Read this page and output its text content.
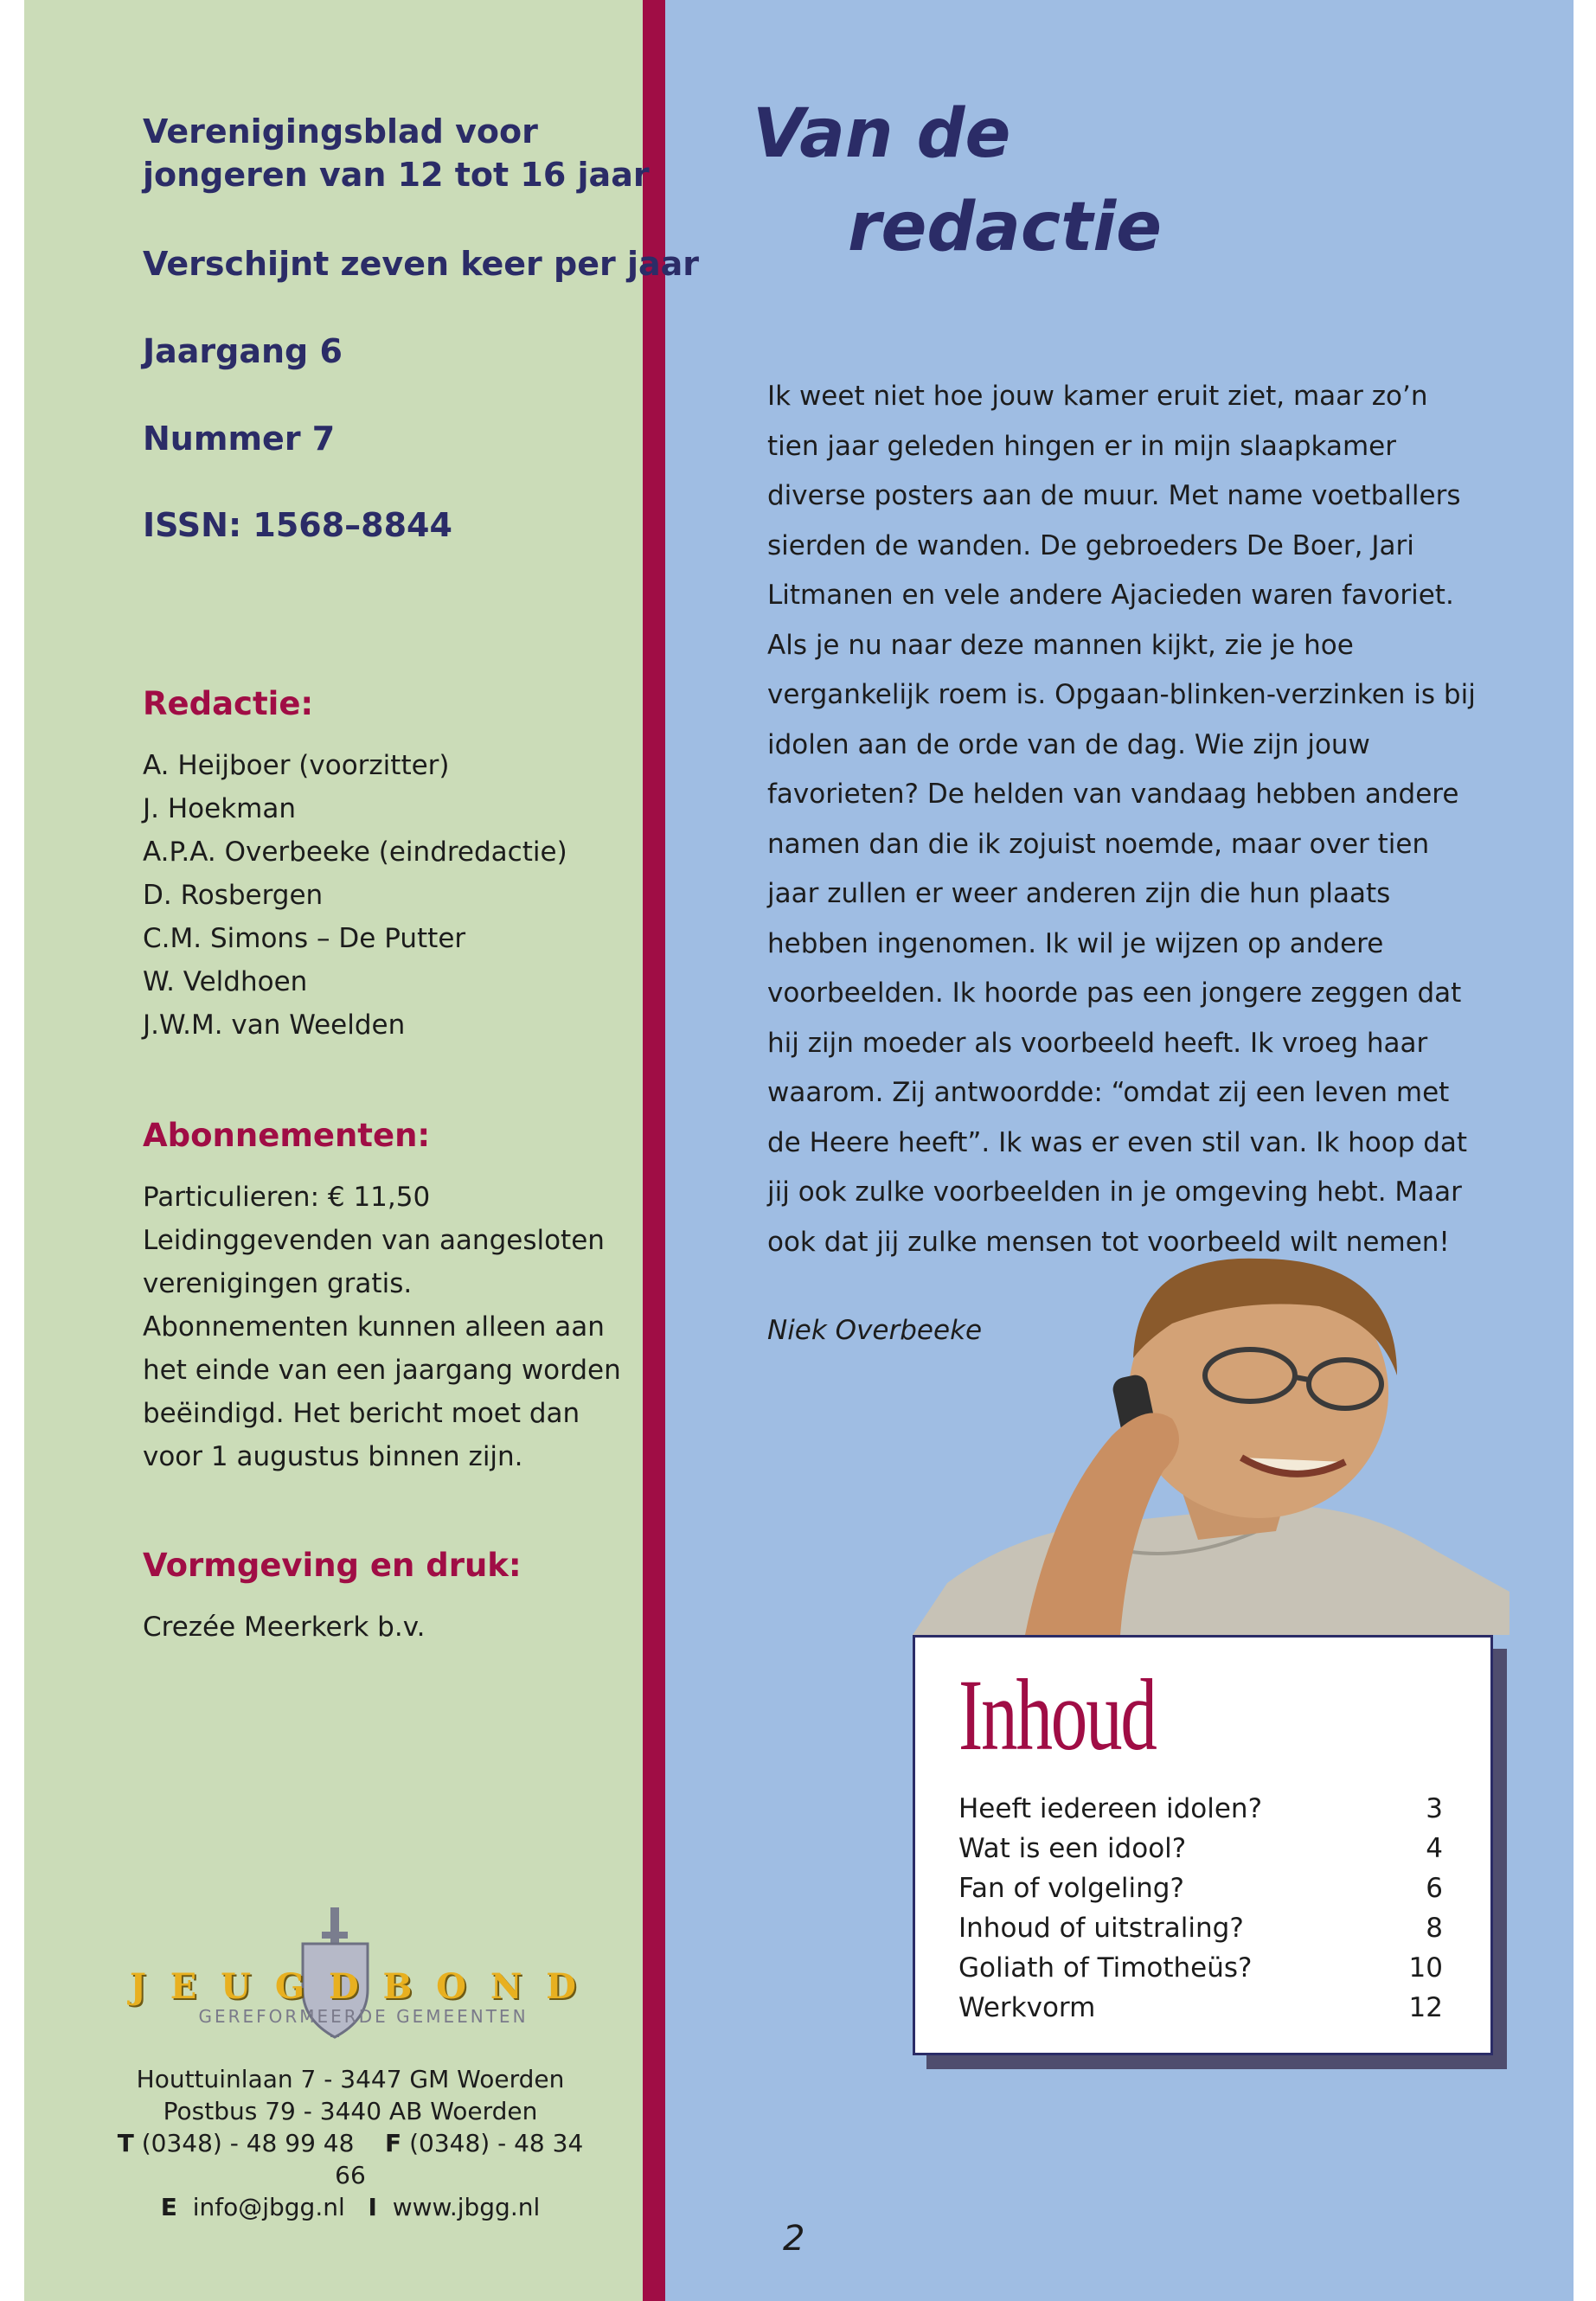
Verenigingsblad voor
jongeren van 12 tot 16 jaar
Verschijnt zeven keer per jaar
Jaargang 6
Nummer 7
ISSN: 1568–8844
Redactie:
A. Heijboer (voorzitter)
J. Hoekman
A.P.A. Overbeeke (eindredactie)
D. Rosbergen
C.M. Simons – De Putter
W. Veldhoen
J.W.M. van Weelden
Abonnementen:
Particulieren: € 11,50
Leidinggevenden van aangesloten
verenigingen gratis.
Abonnementen kunnen alleen aan
het einde van een jaargang worden
beëindigd. Het bericht moet dan
voor 1 augustus binnen zijn.
Vormgeving en druk:
Crezée Meerkerk b.v.
J E U G D B O N D
GEREFORMEERDE GEMEENTEN
Houttuinlaan 7 - 3447 GM Woerden
Postbus 79 - 3440 AB Woerden
T (0348) - 48 99 48 F (0348) - 48 34 66
E info@jbgg.nl I www.jbgg.nl
Van de
redactie
Ik weet niet hoe jouw kamer eruit ziet, maar zo’n tien jaar geleden hingen er in mijn slaapkamer diverse posters aan de muur. Met name voetballers sierden de wanden. De gebroeders De Boer, Jari Litmanen en vele andere Ajacieden waren favoriet. Als je nu naar deze mannen kijkt, zie je hoe vergankelijk roem is. Opgaan-blinken-verzinken is bij idolen aan de orde van de dag. Wie zijn jouw favorieten? De helden van vandaag hebben andere namen dan die ik zojuist noemde, maar over tien jaar zullen er weer anderen zijn die hun plaats hebben ingenomen. Ik wil je wijzen op andere voorbeelden. Ik hoorde pas een jongere zeggen dat hij zijn moeder als voorbeeld heeft. Ik vroeg haar waarom. Zij antwoordde: “omdat zij een leven met de Heere heeft”. Ik was er even stil van. Ik hoop dat jij ook zulke voorbeelden in je omgeving hebt. Maar ook dat jij zulke mensen tot voorbeeld wilt nemen!
Niek Overbeeke
Inhoud
Heeft iedereen idolen?	3
Wat is een idool?	4
Fan of volgeling?	6
Inhoud of uitstraling?	8
Goliath of Timotheüs?	10
Werkvorm	12
2
